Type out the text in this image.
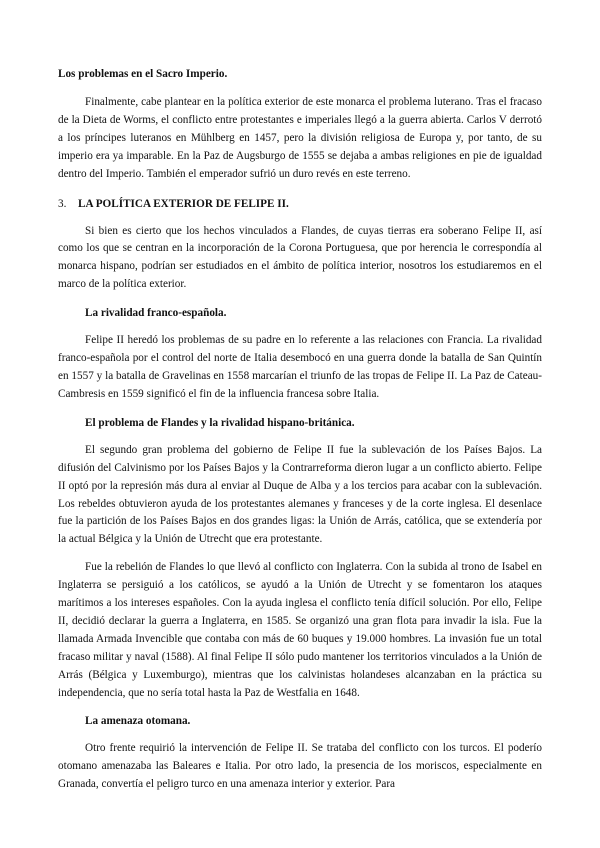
Los problemas en el Sacro Imperio.

Finalmente, cabe plantear en la política exterior de este monarca el problema luterano. Tras el fracaso de la Dieta de Worms, el conflicto entre protestantes e imperiales llegó a la guerra abierta. Carlos V derrotó a los príncipes luteranos en Mühlberg en 1457, pero la división religiosa de Europa y, por tanto, de su imperio era ya imparable. En la Paz de Augsburgo de 1555 se dejaba a ambas religiones en pie de igualdad dentro del Imperio. También el emperador sufrió un duro revés en este terreno.

3. LA POLÍTICA EXTERIOR DE FELIPE II.

Si bien es cierto que los hechos vinculados a Flandes, de cuyas tierras era soberano Felipe II, así como los que se centran en la incorporación de la Corona Portuguesa, que por herencia le correspondía al monarca hispano, podrían ser estudiados en el ámbito de política interior, nosotros los estudiaremos en el marco de la política exterior.

La rivalidad franco-española.

Felipe II heredó los problemas de su padre en lo referente a las relaciones con Francia. La rivalidad franco-española por el control del norte de Italia desembocó en una guerra donde la batalla de San Quintín en 1557 y la batalla de Gravelinas en 1558 marcarían el triunfo de las tropas de Felipe II. La Paz de Cateau-Cambresis en 1559 significó el fin de la influencia francesa sobre Italia.

El problema de Flandes y la rivalidad hispano-británica.

El segundo gran problema del gobierno de Felipe II fue la sublevación de los Países Bajos. La difusión del Calvinismo por los Países Bajos y la Contrarreforma dieron lugar a un conflicto abierto. Felipe II optó por la represión más dura al enviar al Duque de Alba y a los tercios para acabar con la sublevación. Los rebeldes obtuvieron ayuda de los protestantes alemanes y franceses y de la corte inglesa. El desenlace fue la partición de los Países Bajos en dos grandes ligas: la Unión de Arrás, católica, que se extendería por la actual Bélgica y la Unión de Utrecht que era protestante.

Fue la rebelión de Flandes lo que llevó al conflicto con Inglaterra. Con la subida al trono de Isabel en Inglaterra se persiguió a los católicos, se ayudó a la Unión de Utrecht y se fomentaron los ataques marítimos a los intereses españoles. Con la ayuda inglesa el conflicto tenía difícil solución. Por ello, Felipe II, decidió declarar la guerra a Inglaterra, en 1585. Se organizó una gran flota para invadir la isla. Fue la llamada Armada Invencible que contaba con más de 60 buques y 19.000 hombres. La invasión fue un total fracaso militar y naval (1588). Al final Felipe II sólo pudo mantener los territorios vinculados a la Unión de Arrás (Bélgica y Luxemburgo), mientras que los calvinistas holandeses alcanzaban en la práctica su independencia, que no sería total hasta la Paz de Westfalia en 1648.

La amenaza otomana.

Otro frente requirió la intervención de Felipe II. Se trataba del conflicto con los turcos. El poderío otomano amenazaba las Baleares e Italia. Por otro lado, la presencia de los moriscos, especialmente en Granada, convertía el peligro turco en una amenaza interior y exterior. Para
